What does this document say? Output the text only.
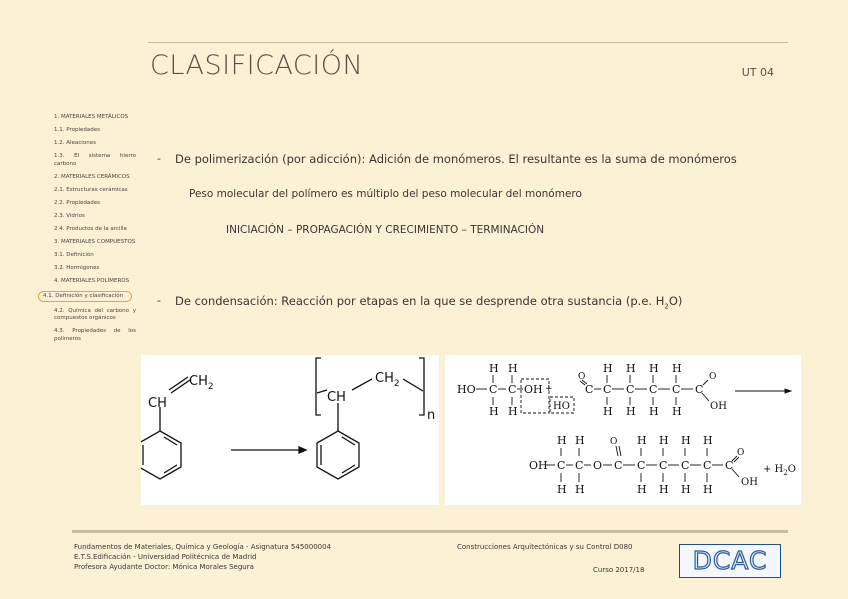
CLASIFICACIÓN	UT 04
1. MATERIALES METÁLICOS
1.1. Propiedades
1.2. Aleaciones
1.3. El sistema hierro carbono
2. MATERIALES CERÁMICOS
2.1. Estructuras cerámicas
2.2. Propiedades
2.3. Vidrios
2.4. Productos de la arcilla
3. MATERIALES COMPUESTOS
3.1. Definición
3.2. Hormigones
4. MATERIALES POLÍMEROS
4.1. Definición y clasificación
4.2. Química del carbono y compuestos orgánicos
4.3. Propiedades de los polímeros
- De polimerización (por adicción): Adición de monómeros. El resultante es la suma de monómeros
Peso molecular del polímero es múltiplo del peso molecular del monómero
INICIACIÓN – PROPAGACIÓN Y CRECIMIENTO – TERMINACIÓN
- De condensación: Reacción por etapas en la que se desprende otra sustancia (p.e. $H_2O$)
CH
$CH_2$
CH
$CH_2$
n
H H	H H H H
HO C C OH +
O
C C C C C C
O
OH
H H	HO	H H H H
H H	O H H H H
OH C C O C C C C C C
O
OH
+ $H_2O$
H H	H H H H
Fundamentos de Materiales, Química y Geología - Asignatura 545000004
E.T.S.Edificación - Universidad Politécnica de Madrid
Profesora Ayudante Doctor: Mónica Morales Segura
Construcciones Arquitectónicas y su Control D080
Curso 2017/18	DCAC
